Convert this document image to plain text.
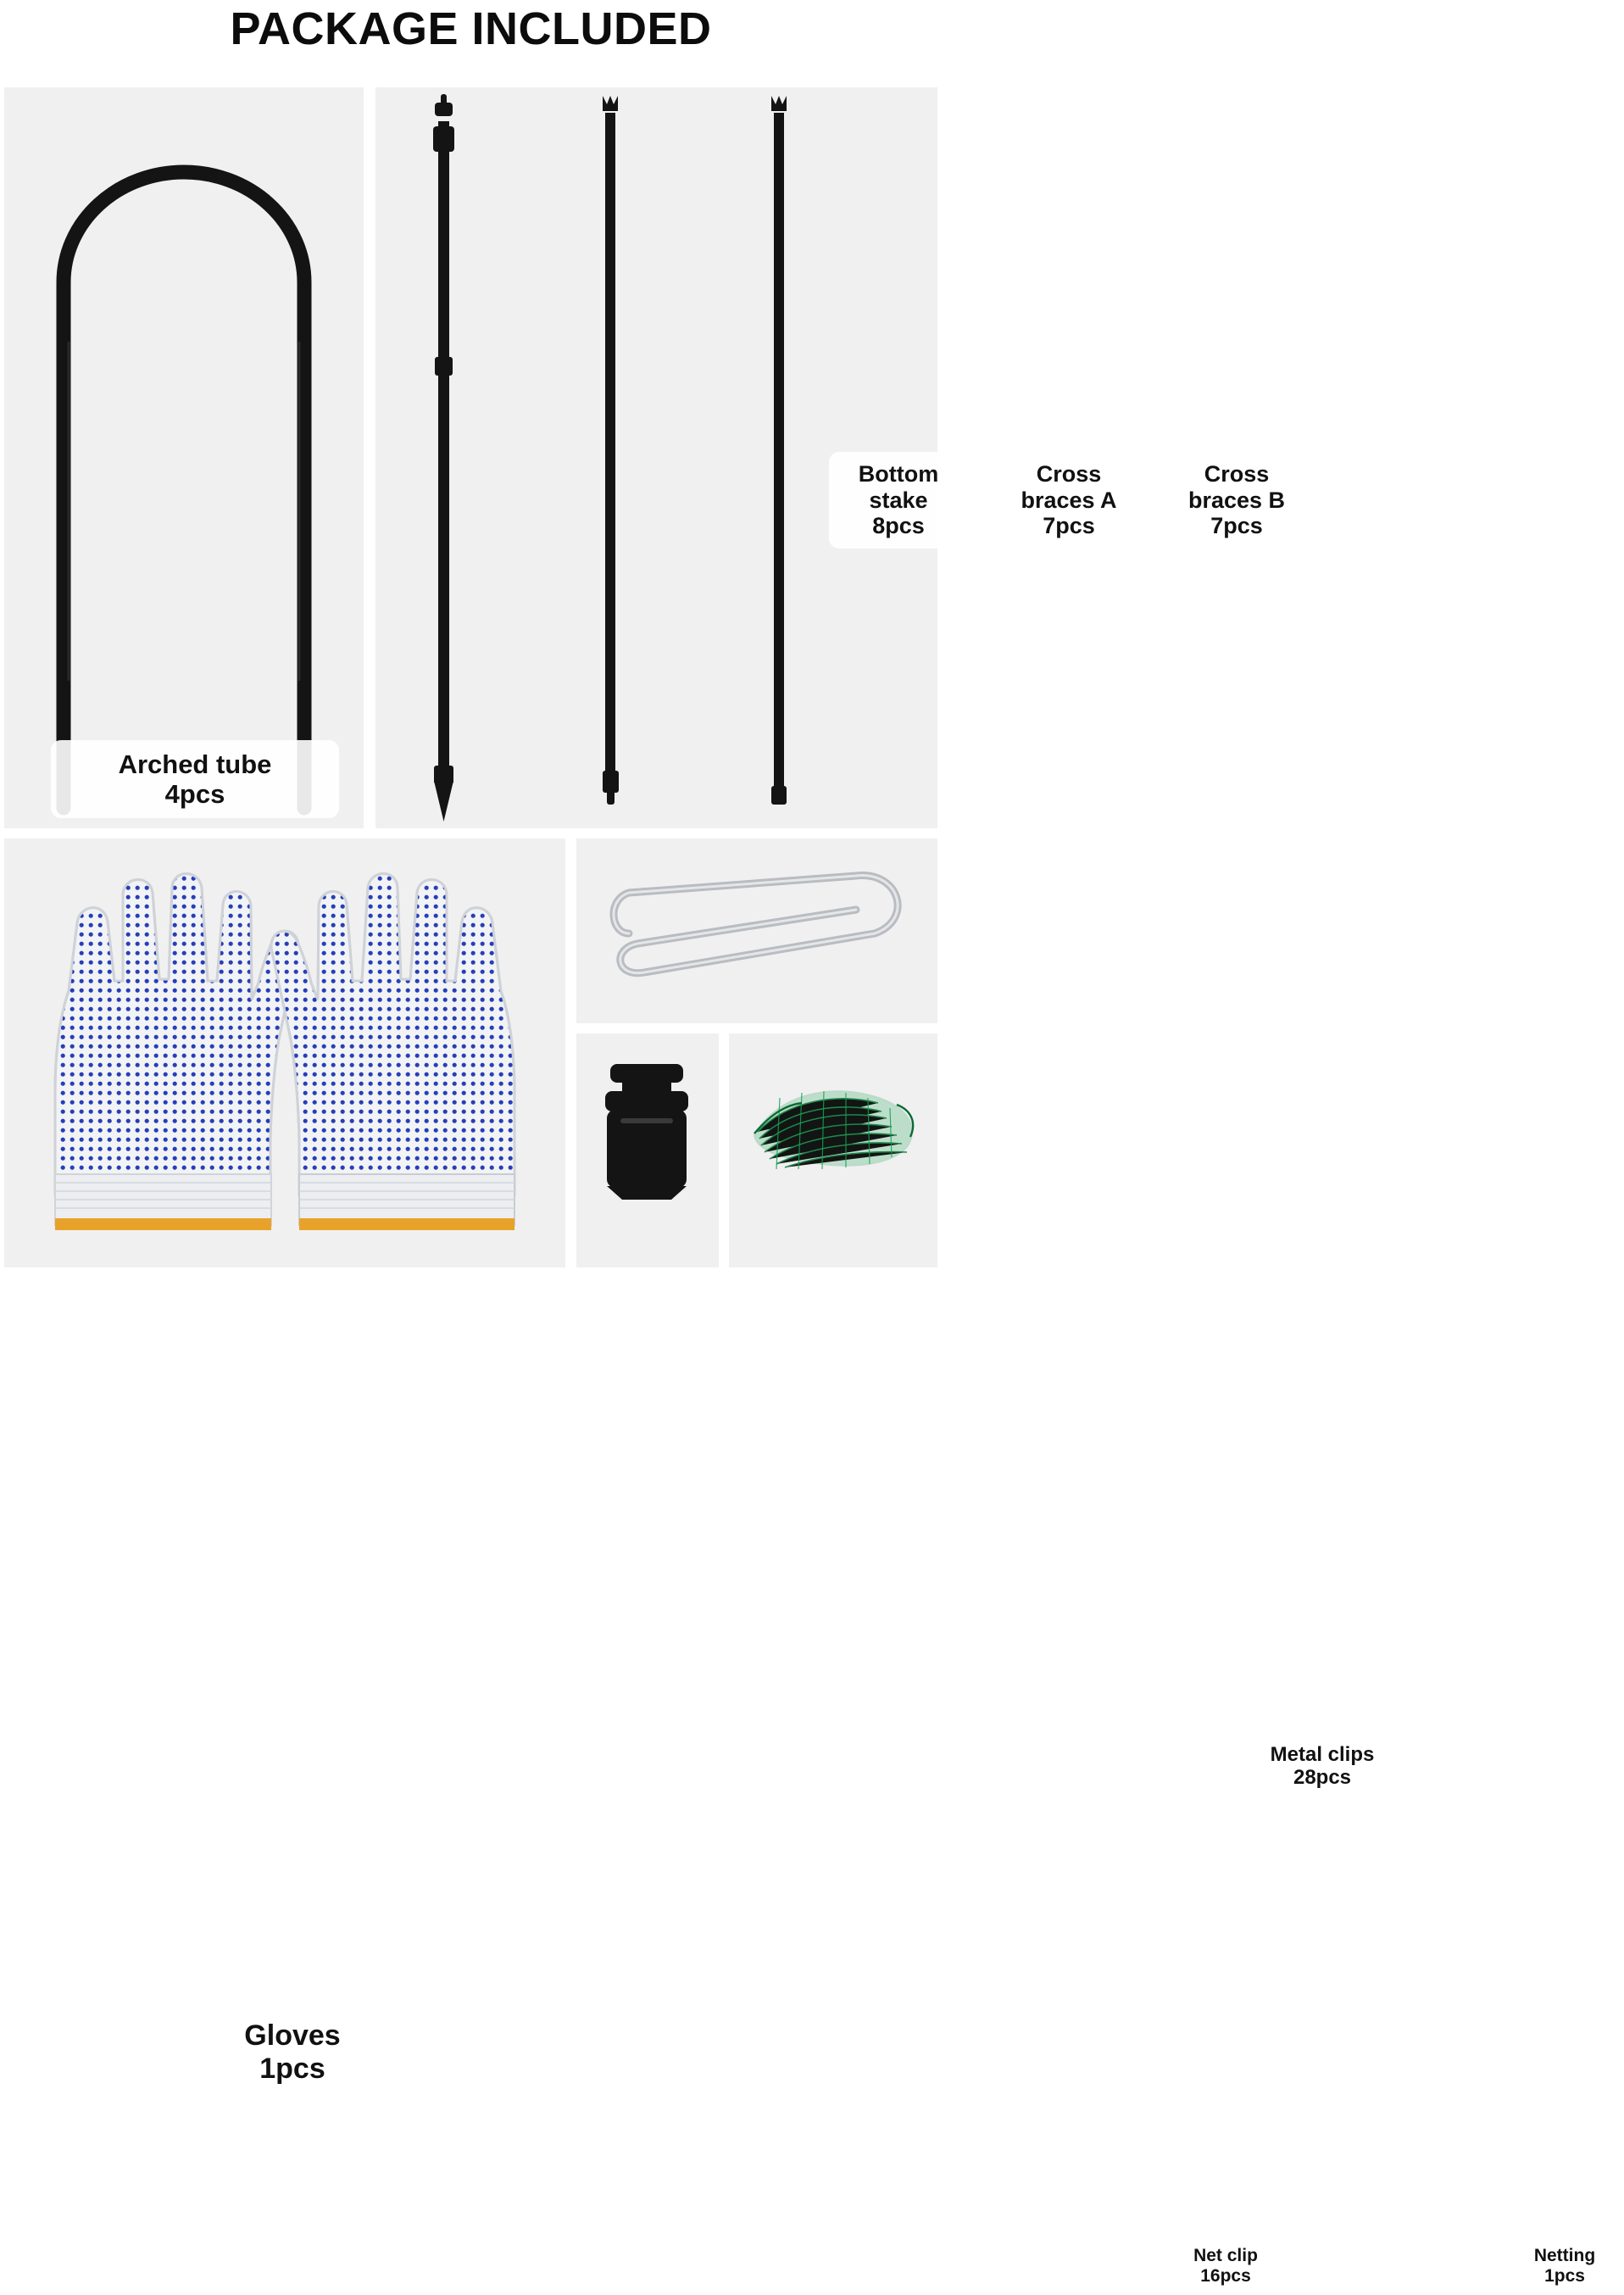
PACKAGE INCLUDED
Arched tube
4pcs
Bottom
stake
8pcs
Cross
braces A
7pcs
Cross
braces B
7pcs
Gloves
1pcs
Metal clips
28pcs
Net clip
16pcs
Netting
1pcs
